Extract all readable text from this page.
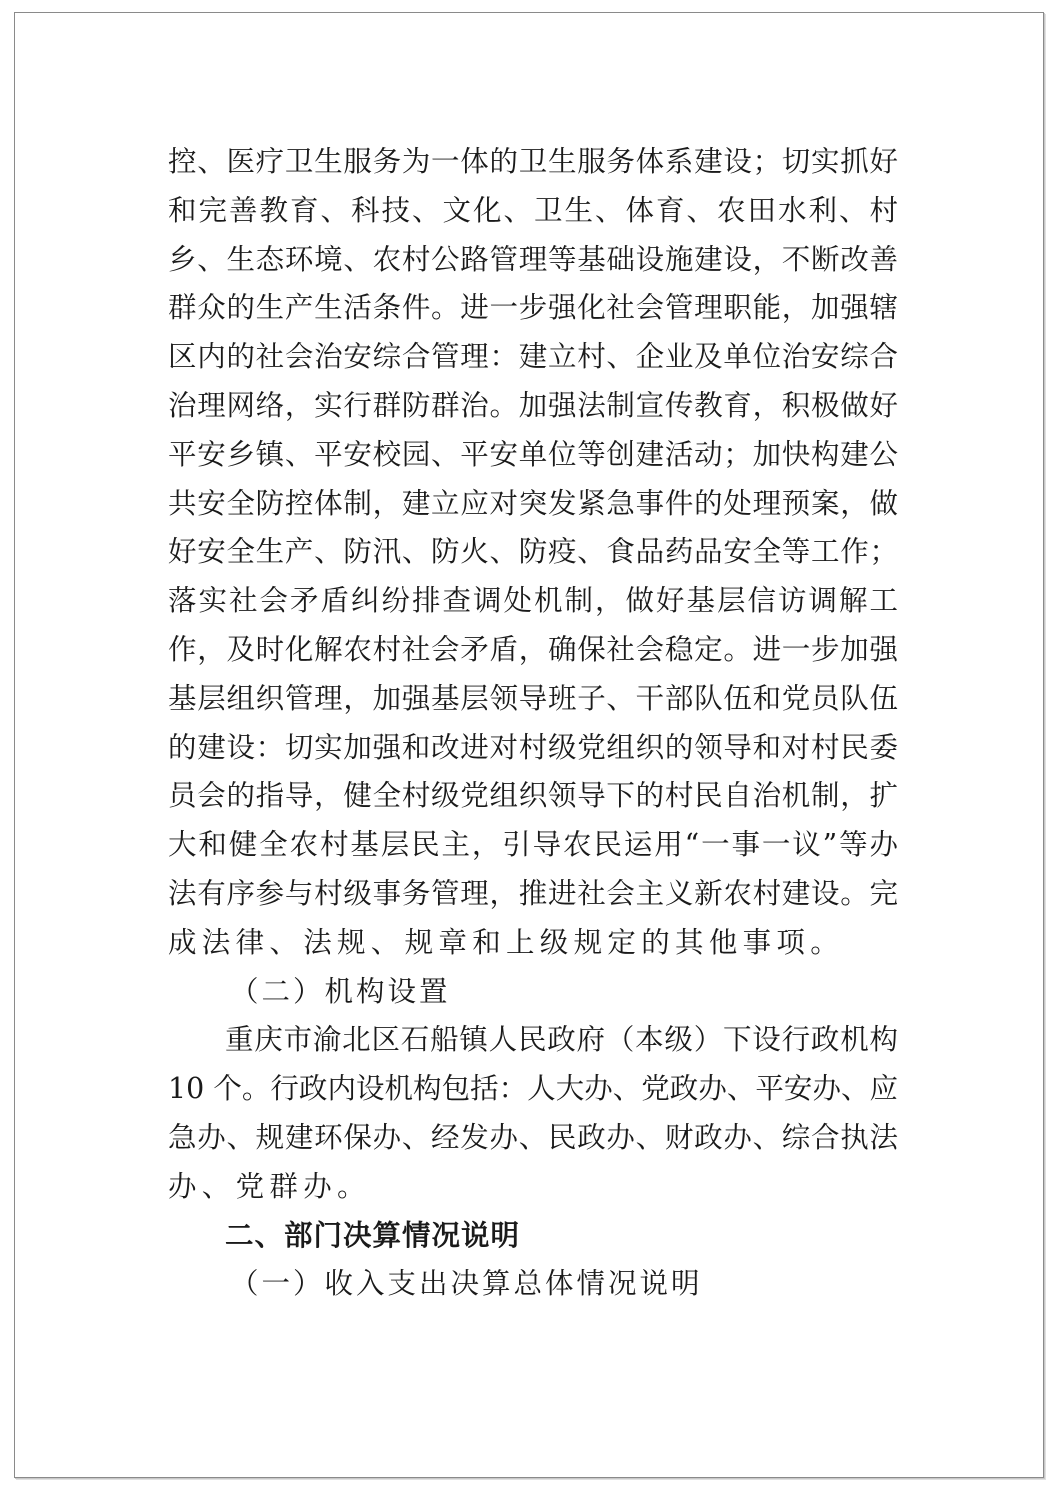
控、医疗卫生服务为一体的卫生服务体系建设；切实抓好
和完善教育、科技、文化、卫生、体育、农田水利、村
乡、生态环境、农村公路管理等基础设施建设，不断改善
群众的生产生活条件。进一步强化社会管理职能，加强辖
区内的社会治安综合管理：建立村、企业及单位治安综合
治理网络，实行群防群治。加强法制宣传教育，积极做好
平安乡镇、平安校园、平安单位等创建活动；加快构建公
共安全防控体制，建立应对突发紧急事件的处理预案，做
好安全生产、防汛、防火、防疫、食品药品安全等工作；
落实社会矛盾纠纷排查调处机制，做好基层信访调解工
作，及时化解农村社会矛盾，确保社会稳定。进一步加强
基层组织管理，加强基层领导班子、干部队伍和党员队伍
的建设：切实加强和改进对村级党组织的领导和对村民委
员会的指导，健全村级党组织领导下的村民自治机制，扩
大和健全农村基层民主，引导农民运用“一事一议”等办
法有序参与村级事务管理，推进社会主义新农村建设。完
成法律、法规、规章和上级规定的其他事项。
（二）机构设置
重庆市渝北区石船镇人民政府（本级）下设行政机构
10 个。行政内设机构包括：人大办、党政办、平安办、应
急办、规建环保办、经发办、民政办、财政办、综合执法
办、党群办。
二、部门决算情况说明
（一）收入支出决算总体情况说明
